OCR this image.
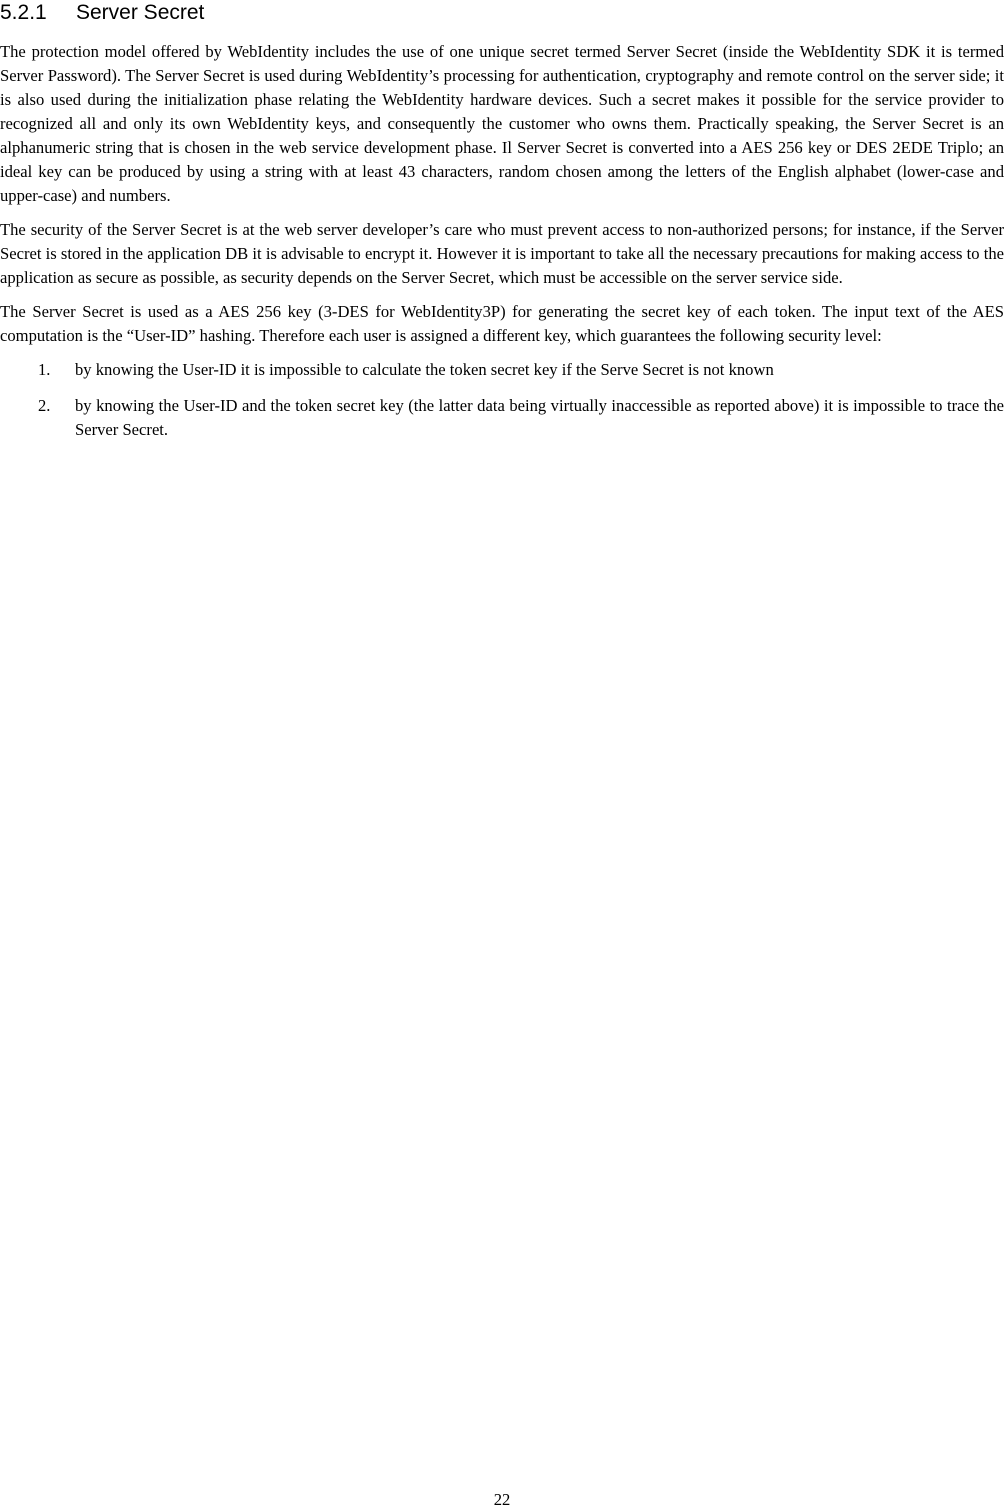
5.2.1 Server Secret

The protection model offered by WebIdentity includes the use of one unique secret termed Server Secret (inside the WebIdentity SDK it is termed Server Password). The Server Secret is used during WebIdentity’s processing for authentication, cryptography and remote control on the server side; it is also used during the initialization phase relating the WebIdentity hardware devices. Such a secret makes it possible for the service provider to recognized all and only its own WebIdentity keys, and consequently the customer who owns them. Practically speaking, the Server Secret is an alphanumeric string that is chosen in the web service development phase. Il Server Secret is converted into a AES 256 key or DES 2EDE Triplo; an ideal key can be produced by using a string with at least 43 characters, random chosen among the letters of the English alphabet (lower-case and upper-case) and numbers.

The security of the Server Secret is at the web server developer’s care who must prevent access to non-authorized persons; for instance, if the Server Secret is stored in the application DB it is advisable to encrypt it. However it is important to take all the necessary precautions for making access to the application as secure as possible, as security depends on the Server Secret, which must be accessible on the server service side.

The Server Secret is used as a AES 256 key (3-DES for WebIdentity3P) for generating the secret key of each token. The input text of the AES computation is the “User-ID” hashing. Therefore each user is assigned a different key, which guarantees the following security level:

1. by knowing the User-ID it is impossible to calculate the token secret key if the Serve Secret is not known
2. by knowing the User-ID and the token secret key (the latter data being virtually inaccessible as reported above) it is impossible to trace the Server Secret.
22
